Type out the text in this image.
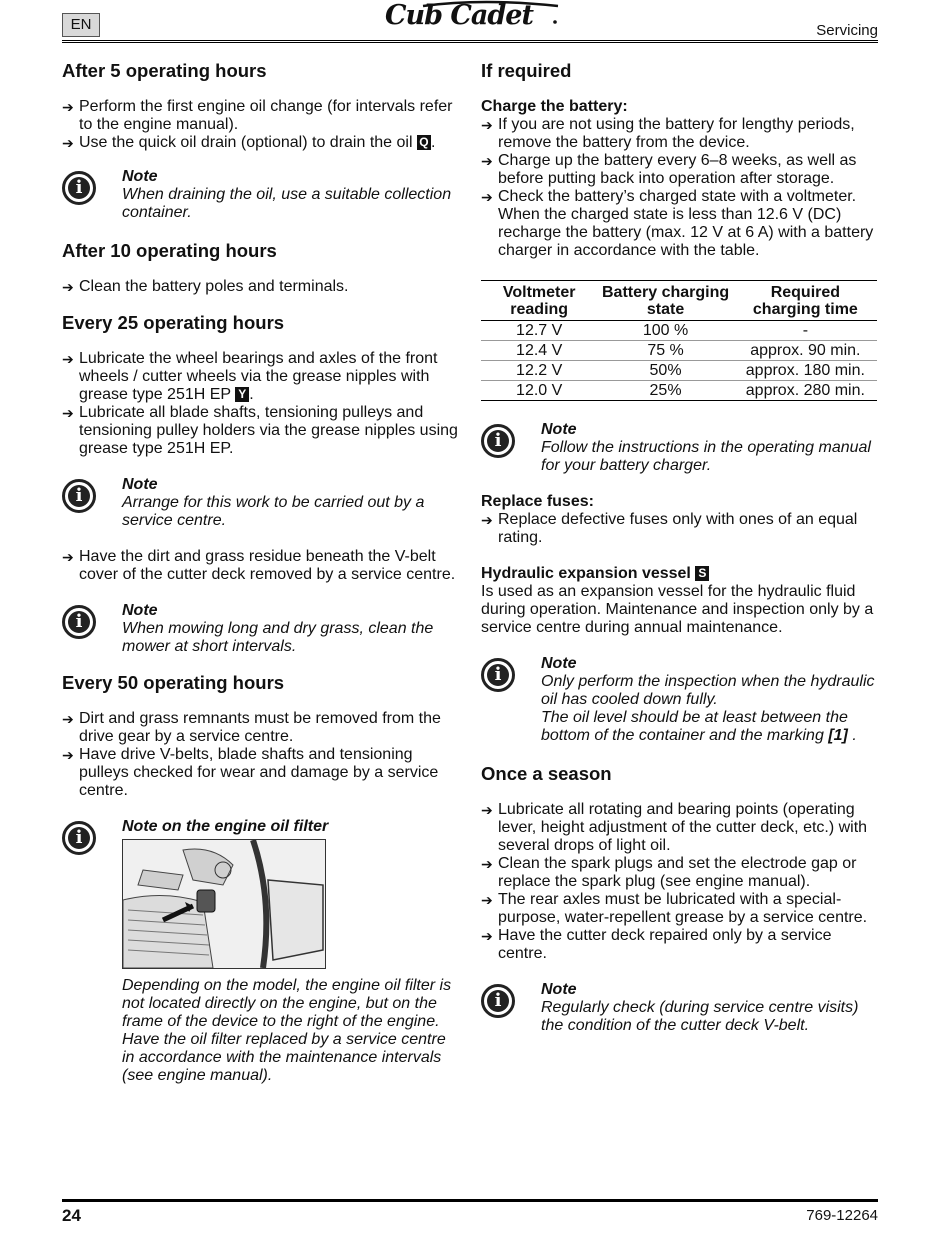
EN	Cub Cadet	Servicing
After 5 operating hours
➔ Perform the first engine oil change (for intervals refer to the engine manual).
➔ Use the quick oil drain (optional) to drain the oil Q .
i
Note
When draining the oil, use a suitable collection container.
After 10 operating hours
➔ Clean the battery poles and terminals.
Every 25 operating hours
➔ Lubricate the wheel bearings and axles of the front wheels / cutter wheels via the grease nipples with grease type 251H EP Y .
➔ Lubricate all blade shafts, tensioning pulleys and tensioning pulley holders via the grease nipples using grease type 251H EP.
i
Note
Arrange for this work to be carried out by a service centre.
➔ Have the dirt and grass residue beneath the V-belt cover of the cutter deck removed by a service centre.
i
Note
When mowing long and dry grass, clean the mower at short intervals.
Every 50 operating hours
➔ Dirt and grass remnants must be removed from the drive gear by a service centre.
➔ Have drive V-belts, blade shafts and tensioning pulleys checked for wear and damage by a service centre.
i
Note on the engine oil filter
Depending on the model, the engine oil filter is not located directly on the engine, but on the frame of the device to the right of the engine.
Have the oil filter replaced by a service centre in accordance with the maintenance intervals (see engine manual).
If required
Charge the battery:
➔ If you are not using the battery for lengthy periods, remove the battery from the device.
➔ Charge up the battery every 6–8 weeks, as well as before putting back into operation after storage.
➔ Check the battery’s charged state with a voltmeter. When the charged state is less than 12.6 V (DC) recharge the battery (max. 12 V at 6 A) with a battery charger in accordance with the table.
Voltmeter reading	Battery charging state	Required charging time
12.7 V	100 %	-
12.4 V	75 %	approx. 90 min.
12.2 V	50%	approx. 180 min.
12.0 V	25%	approx. 280 min.
i
Note
Follow the instructions in the operating manual for your battery charger.
Replace fuses:
➔ Replace defective fuses only with ones of an equal rating.
Hydraulic expansion vessel S
Is used as an expansion vessel for the hydraulic fluid during operation. Maintenance and inspection only by a service centre during annual maintenance.
i
Note
Only perform the inspection when the hydraulic oil has cooled down fully.
The oil level should be at least between the bottom of the container and the marking [1] .
Once a season
➔ Lubricate all rotating and bearing points (operating lever, height adjustment of the cutter deck, etc.) with several drops of light oil.
➔ Clean the spark plugs and set the electrode gap or replace the spark plug (see engine manual).
➔ The rear axles must be lubricated with a special-purpose, water-repellent grease by a service centre.
➔ Have the cutter deck repaired only by a service centre.
i
Note
Regularly check (during service centre visits) the condition of the cutter deck V-belt.
24	769-12264
